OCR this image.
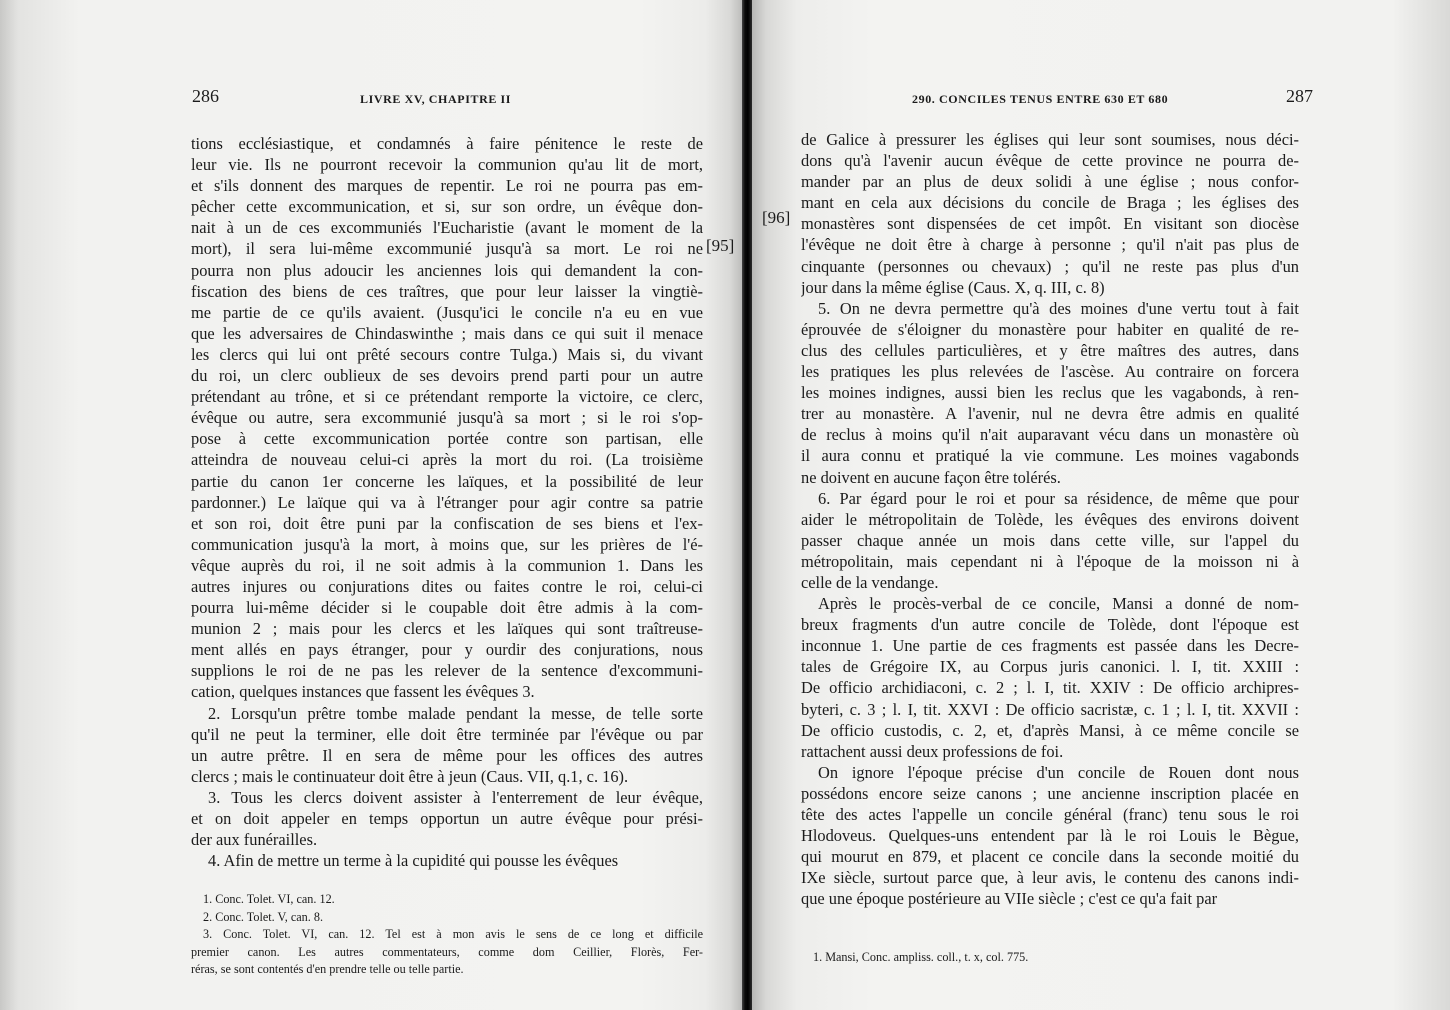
286	LIVRE XV, CHAPITRE II
tions ecclésiastique, et condamnés à faire pénitence le reste de
leur vie. Ils ne pourront recevoir la communion qu'au lit de mort,
et s'ils donnent des marques de repentir. Le roi ne pourra pas em-
pêcher cette excommunication, et si, sur son ordre, un évêque don-
nait à un de ces excommuniés l'Eucharistie (avant le moment de la
mort), il sera lui-même excommunié jusqu'à sa mort. Le roi ne
pourra non plus adoucir les anciennes lois qui demandent la con-
fiscation des biens de ces traîtres, que pour leur laisser la vingtiè-
me partie de ce qu'ils avaient. (Jusqu'ici le concile n'a eu en vue
que les adversaires de Chindaswinthe ; mais dans ce qui suit il menace
les clercs qui lui ont prêté secours contre Tulga.) Mais si, du vivant
du roi, un clerc oublieux de ses devoirs prend parti pour un autre
prétendant au trône, et si ce prétendant remporte la victoire, ce clerc,
évêque ou autre, sera excommunié jusqu'à sa mort ; si le roi s'op-
pose à cette excommunication portée contre son partisan, elle
atteindra de nouveau celui-ci après la mort du roi. (La troisième
partie du canon 1er concerne les laïques, et la possibilité de leur
pardonner.) Le laïque qui va à l'étranger pour agir contre sa patrie
et son roi, doit être puni par la confiscation de ses biens et l'ex-
communication jusqu'à la mort, à moins que, sur les prières de l'é-
vêque auprès du roi, il ne soit admis à la communion 1. Dans les
autres injures ou conjurations dites ou faites contre le roi, celui-ci
pourra lui-même décider si le coupable doit être admis à la com-
munion 2 ; mais pour les clercs et les laïques qui sont traîtreuse-
ment allés en pays étranger, pour y ourdir des conjurations, nous
supplions le roi de ne pas les relever de la sentence d'excommuni-
cation, quelques instances que fassent les évêques 3.
2. Lorsqu'un prêtre tombe malade pendant la messe, de telle sorte
qu'il ne peut la terminer, elle doit être terminée par l'évêque ou par
un autre prêtre. Il en sera de même pour les offices des autres
clercs ; mais le continuateur doit être à jeun (Caus. VII, q.1, c. 16).
3. Tous les clercs doivent assister à l'enterrement de leur évêque,
et on doit appeler en temps opportun un autre évêque pour prési-
der aux funérailles.
4. Afin de mettre un terme à la cupidité qui pousse les évêques
1. Conc. Tolet. VI, can. 12.
2. Conc. Tolet. V, can. 8.
3. Conc. Tolet. VI, can. 12. Tel est à mon avis le sens de ce long et difficile
premier canon. Les autres commentateurs, comme dom Ceillier, Florès, Fer-
réras, se sont contentés d'en prendre telle ou telle partie.
290. CONCILES TENUS ENTRE 630 ET 680	287
de Galice à pressurer les églises qui leur sont soumises, nous déci-
dons qu'à l'avenir aucun évêque de cette province ne pourra de-
mander par an plus de deux solidi à une église ; nous confor-
mant en cela aux décisions du concile de Braga ; les églises des
monastères sont dispensées de cet impôt. En visitant son diocèse
l'évêque ne doit être à charge à personne ; qu'il n'ait pas plus de
cinquante (personnes ou chevaux) ; qu'il ne reste pas plus d'un
jour dans la même église (Caus. X, q. III, c. 8)
5. On ne devra permettre qu'à des moines d'une vertu tout à fait
éprouvée de s'éloigner du monastère pour habiter en qualité de re-
clus des cellules particulières, et y être maîtres des autres, dans
les pratiques les plus relevées de l'ascèse. Au contraire on forcera
les moines indignes, aussi bien les reclus que les vagabonds, à ren-
trer au monastère. A l'avenir, nul ne devra être admis en qualité
de reclus à moins qu'il n'ait auparavant vécu dans un monastère où
il aura connu et pratiqué la vie commune. Les moines vagabonds
ne doivent en aucune façon être tolérés.
6. Par égard pour le roi et pour sa résidence, de même que pour
aider le métropolitain de Tolède, les évêques des environs doivent
passer chaque année un mois dans cette ville, sur l'appel du
métropolitain, mais cependant ni à l'époque de la moisson ni à
celle de la vendange.
Après le procès-verbal de ce concile, Mansi a donné de nom-
breux fragments d'un autre concile de Tolède, dont l'époque est
inconnue 1. Une partie de ces fragments est passée dans les Decre-
tales de Grégoire IX, au Corpus juris canonici. l. I, tit. XXIII :
De officio archidiaconi, c. 2 ; l. I, tit. XXIV : De officio archipres-
byteri, c. 3 ; l. I, tit. XXVI : De officio sacristæ, c. 1 ; l. I, tit. XXVII :
De officio custodis, c. 2, et, d'après Mansi, à ce même concile se
rattachent aussi deux professions de foi.
On ignore l'époque précise d'un concile de Rouen dont nous
possédons encore seize canons ; une ancienne inscription placée en
tête des actes l'appelle un concile général (franc) tenu sous le roi
Hlodoveus. Quelques-uns entendent par là le roi Louis le Bègue,
qui mourut en 879, et placent ce concile dans la seconde moitié du
IXe siècle, surtout parce que, à leur avis, le contenu des canons indi-
que une époque postérieure au VIIe siècle ; c'est ce qu'a fait par
1. Mansi, Conc. ampliss. coll., t. x, col. 775.
[95]
[96]
